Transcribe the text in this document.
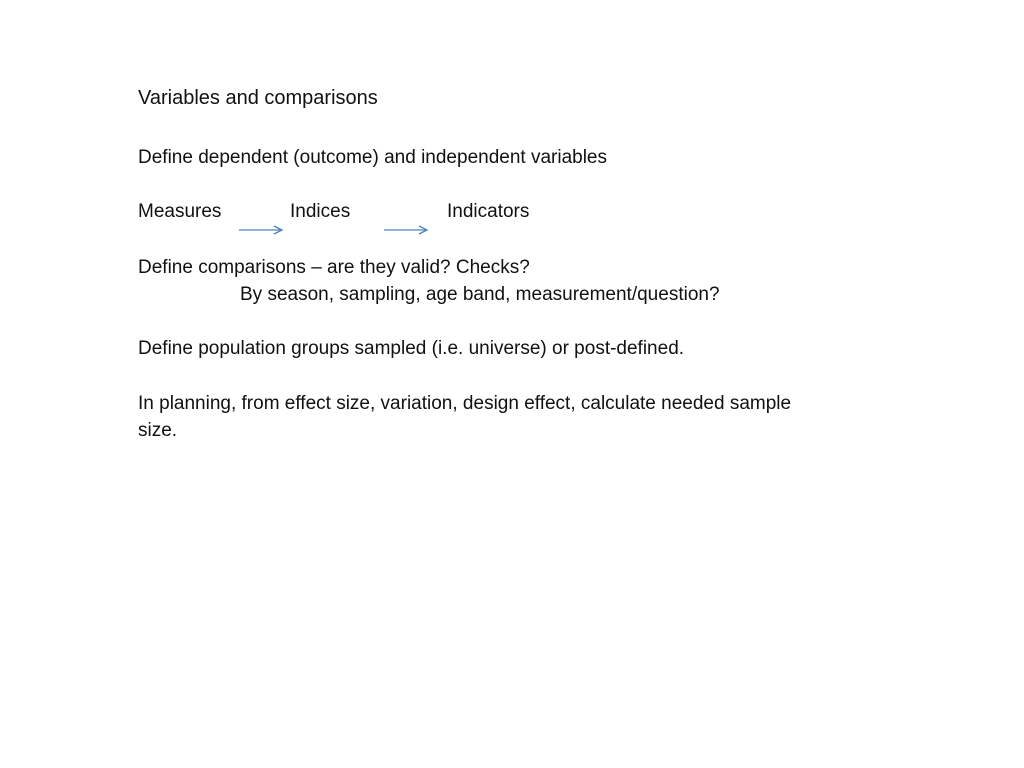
Variables and comparisons
Define dependent (outcome) and independent variables
Measures	Indices	Indicators
Define comparisons – are they valid? Checks?
By season, sampling, age band, measurement/question?
Define population groups sampled (i.e. universe) or post-defined.
In planning, from effect size, variation, design effect, calculate needed sample
size.
